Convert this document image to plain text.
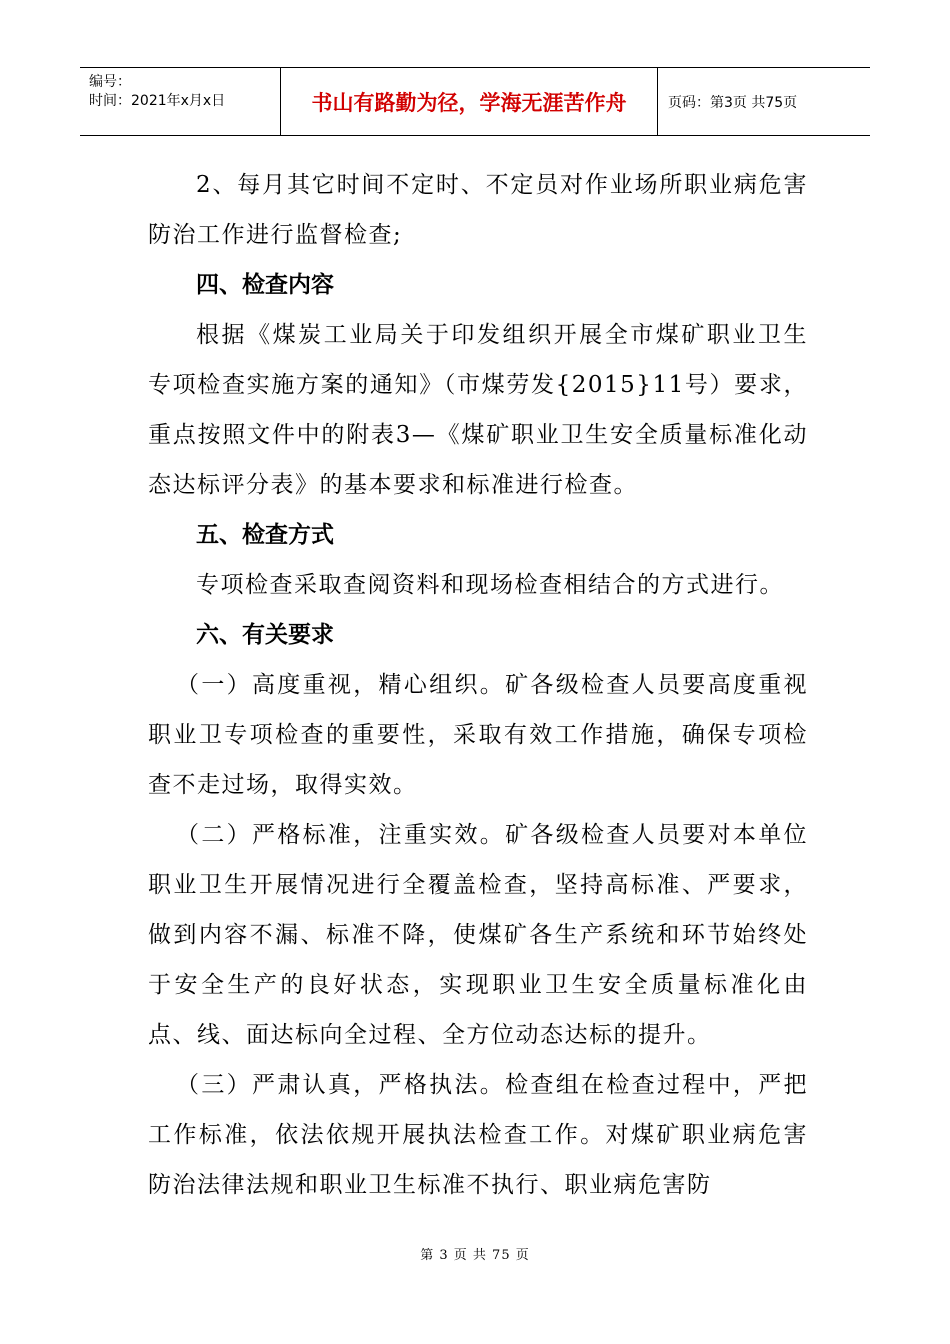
编号：
时间：2021年x月x日	书山有路勤为径，学海无涯苦作舟	页码：第3页 共75页

2、每月其它时间不定时、不定员对作业场所职业病危害防治工作进行监督检查;

四、检查内容

根据《煤炭工业局关于印发组织开展全市煤矿职业卫生专项检查实施方案的通知》（市煤劳发{2015}11号）要求，重点按照文件中的附表3—《煤矿职业卫生安全质量标准化动态达标评分表》的基本要求和标准进行检查。

五、检查方式

专项检查采取查阅资料和现场检查相结合的方式进行。

六、有关要求

（一）高度重视，精心组织。矿各级检查人员要高度重视职业卫专项检查的重要性，采取有效工作措施，确保专项检查不走过场，取得实效。

（二）严格标准，注重实效。矿各级检查人员要对本单位职业卫生开展情况进行全覆盖检查，坚持高标准、严要求，做到内容不漏、标准不降，使煤矿各生产系统和环节始终处于安全生产的良好状态，实现职业卫生安全质量标准化由点、线、面达标向全过程、全方位动态达标的提升。

（三）严肃认真，严格执法。检查组在检查过程中，严把工作标准，依法依规开展执法检查工作。对煤矿职业病危害防治法律法规和职业卫生标准不执行、职业病危害防

第 3 页 共 75 页
